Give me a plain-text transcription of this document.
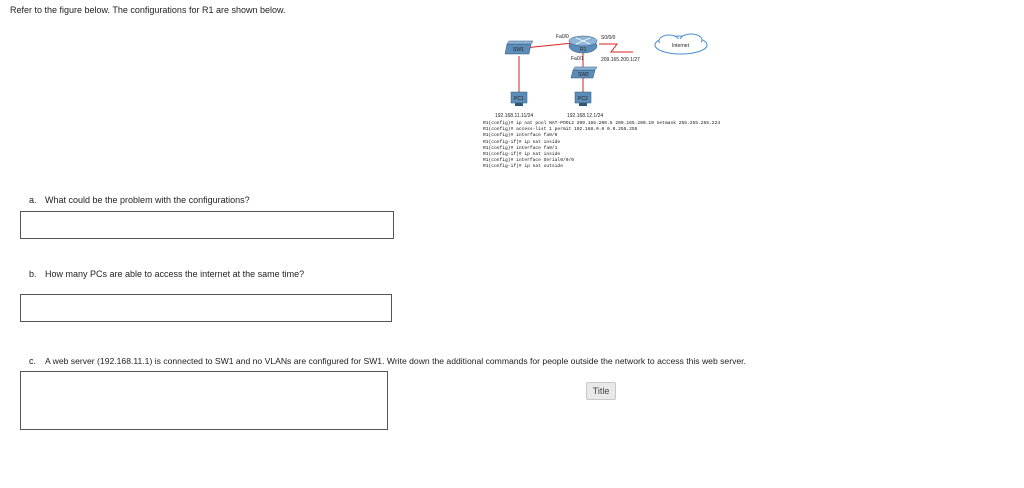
Refer to the figure below. The configurations for R1 are shown below.
SW1	R1
Fa0/0
Fa0/1
S0/0/0
209.165.200.1/27
Internet
SW2
PC1	PC2
192.168.11.11/24	192.168.12.1/24
R1(config)# ip nat pool NAT-POOL2 209.165.200.5 209.165.200.10 netmask 255.255.255.224
R1(config)# access-list 1 permit 192.168.0.0 0.0.255.255
R1(config)# interface fa0/0
R1(config-if)# ip nat inside
R1(config)# interface fa0/1
R1(config-if)# ip nat inside
R1(config)# interface Serial0/0/0
R1(config-if)# ip nat outside
a. What could be the problem with the configurations?
b. How many PCs are able to access the internet at the same time?
c. A web server (192.168.11.1) is connected to SW1 and no VLANs are configured for SW1. Write down the additional commands for people outside the network to access this web server.
Title
